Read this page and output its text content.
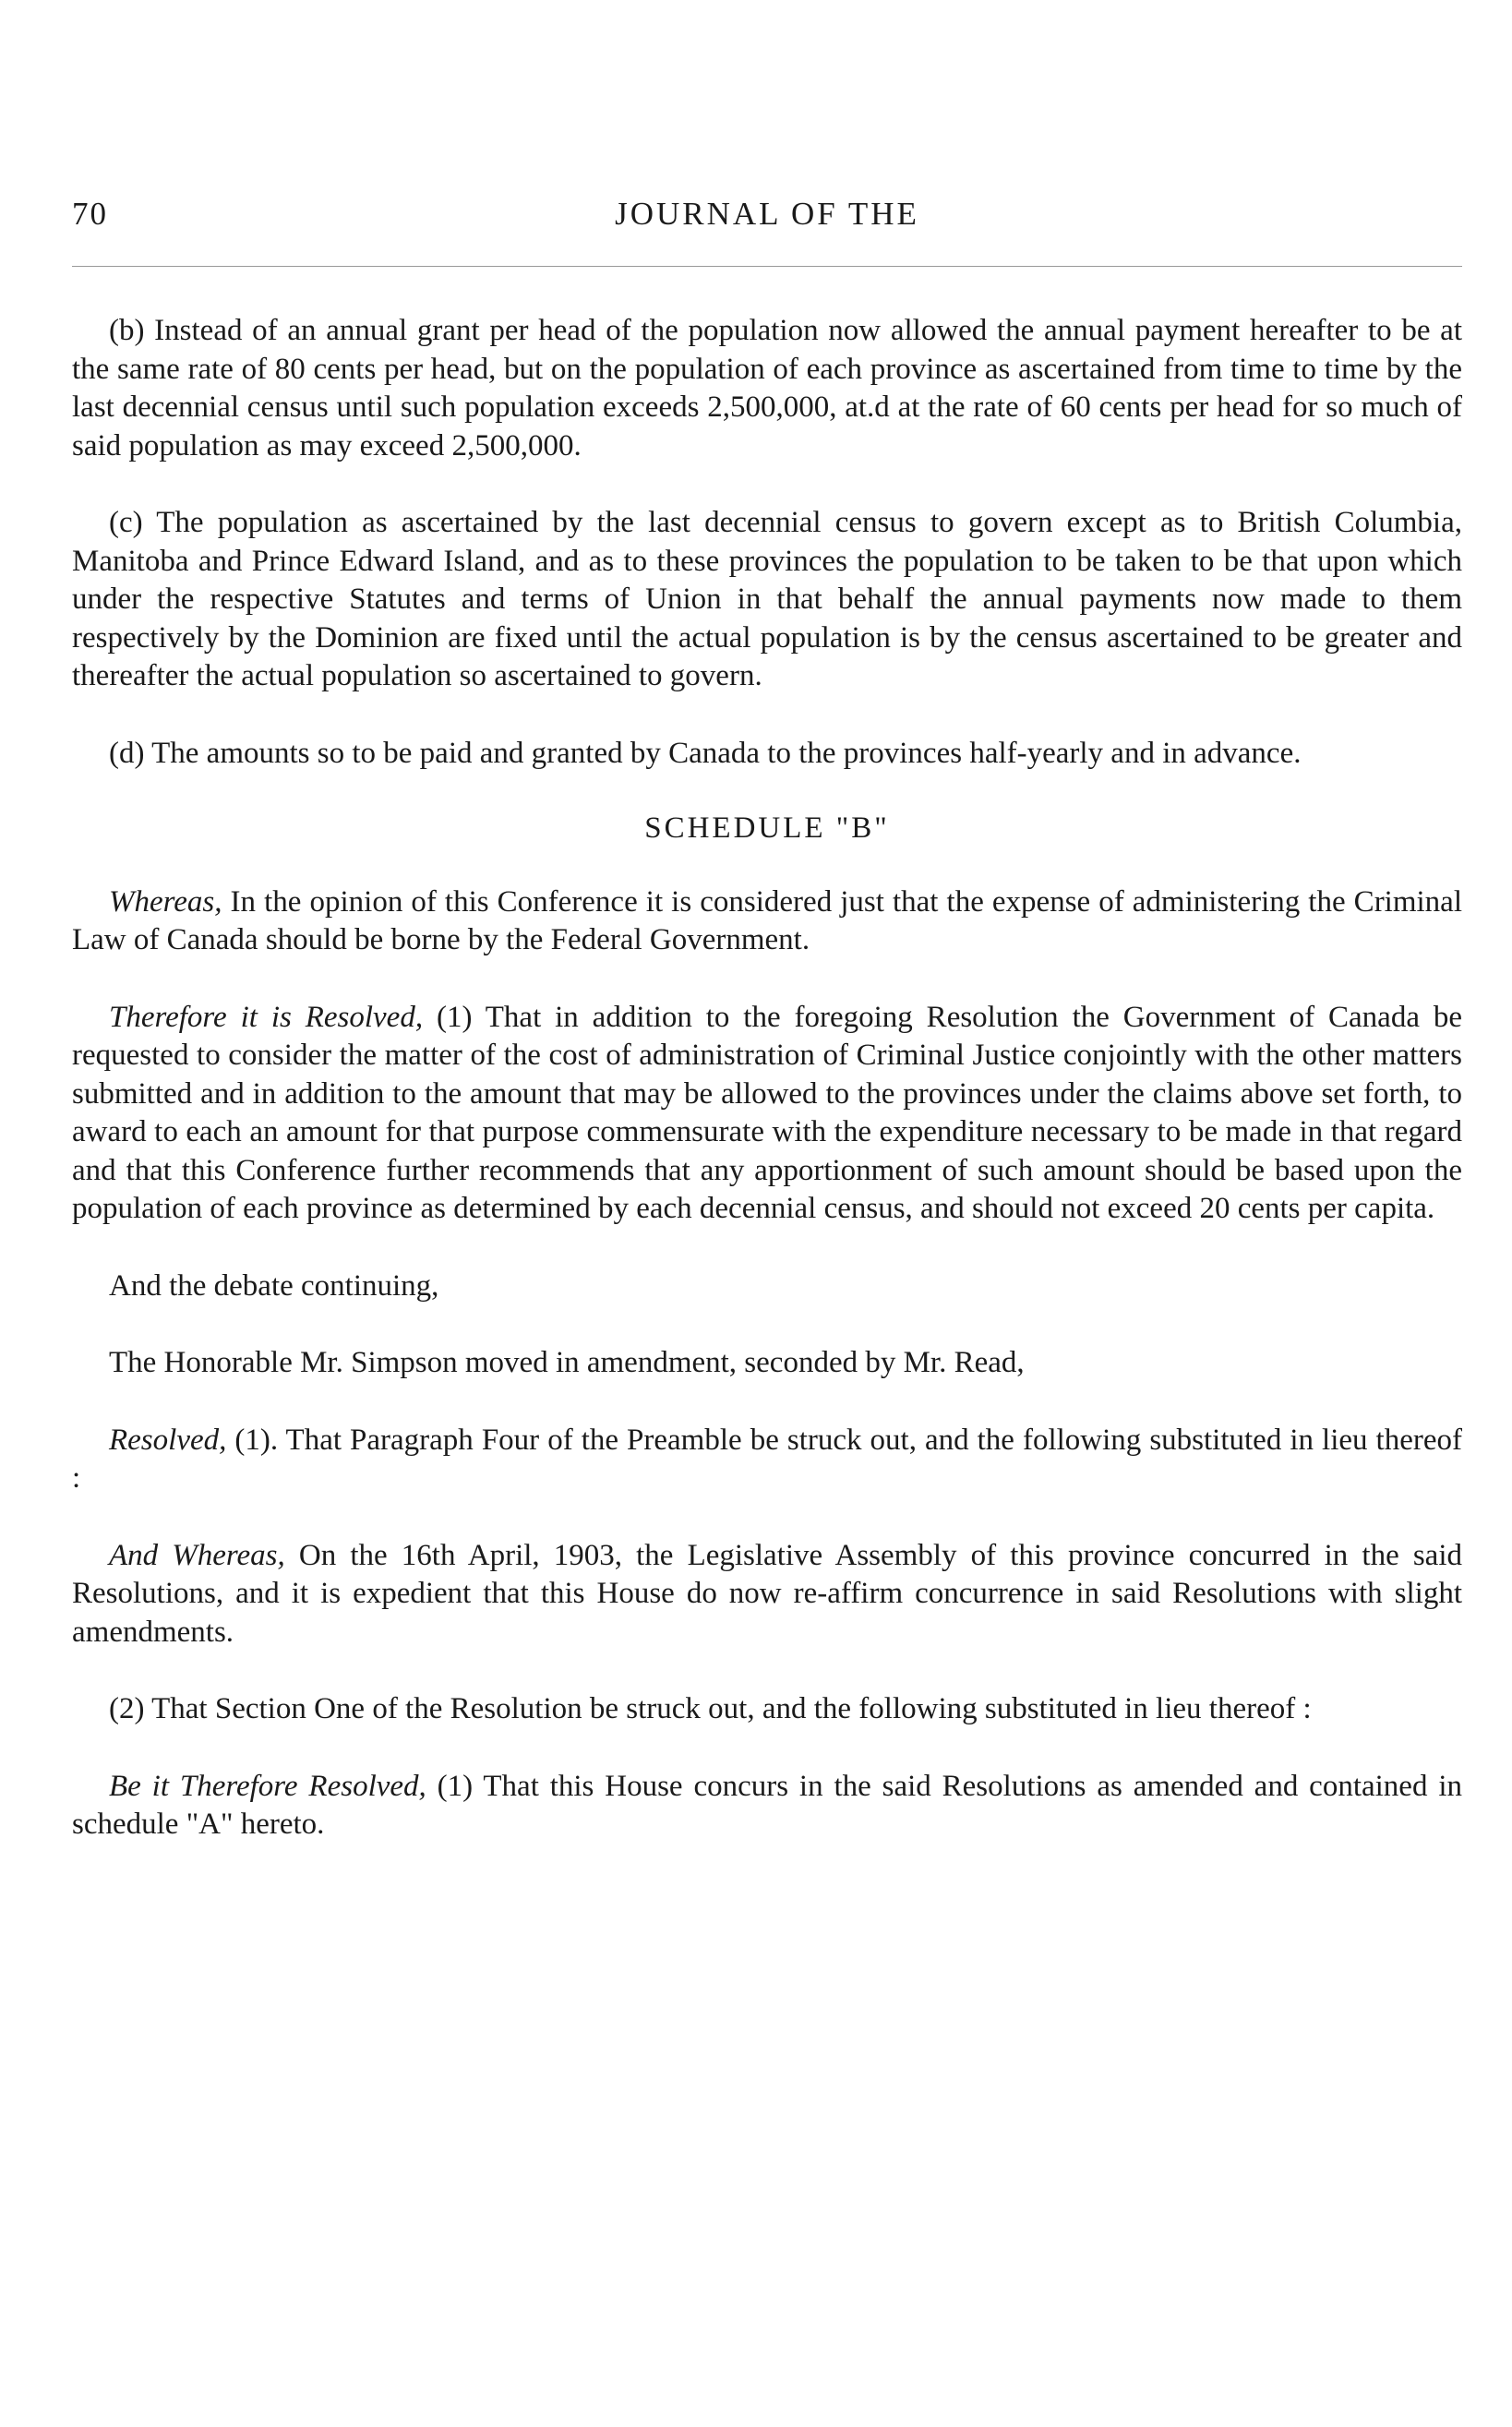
70	JOURNAL OF THE

(b) Instead of an annual grant per head of the population now allowed the annual payment hereafter to be at the same rate of 80 cents per head, but on the population of each province as ascertained from time to time by the last decennial census until such population exceeds 2,500,000, at.d at the rate of 60 cents per head for so much of said population as may exceed 2,500,000.

(c) The population as ascertained by the last decennial census to govern except as to British Columbia, Manitoba and Prince Edward Island, and as to these provinces the population to be taken to be that upon which under the respective Statutes and terms of Union in that behalf the annual payments now made to them respectively by the Dominion are fixed until the actual population is by the census ascertained to be greater and thereafter the actual population so ascertained to govern.

(d) The amounts so to be paid and granted by Canada to the provinces half-yearly and in advance.

SCHEDULE "B"

Whereas, In the opinion of this Conference it is considered just that the expense of administering the Criminal Law of Canada should be borne by the Federal Government.

Therefore it is Resolved, (1) That in addition to the foregoing Resolution the Government of Canada be requested to consider the matter of the cost of administration of Criminal Justice conjointly with the other matters submitted and in addition to the amount that may be allowed to the provinces under the claims above set forth, to award to each an amount for that purpose commensurate with the expenditure necessary to be made in that regard and that this Conference further recommends that any apportionment of such amount should be based upon the population of each province as determined by each decennial census, and should not exceed 20 cents per capita.

And the debate continuing,

The Honorable Mr. Simpson moved in amendment, seconded by Mr. Read,

Resolved, (1). That Paragraph Four of the Preamble be struck out, and the following substituted in lieu thereof :

And Whereas, On the 16th April, 1903, the Legislative Assembly of this province concurred in the said Resolutions, and it is expedient that this House do now re-affirm concurrence in said Resolutions with slight amendments.

(2) That Section One of the Resolution be struck out, and the following substituted in lieu thereof :

Be it Therefore Resolved, (1) That this House concurs in the said Resolutions as amended and contained in schedule "A" hereto.
